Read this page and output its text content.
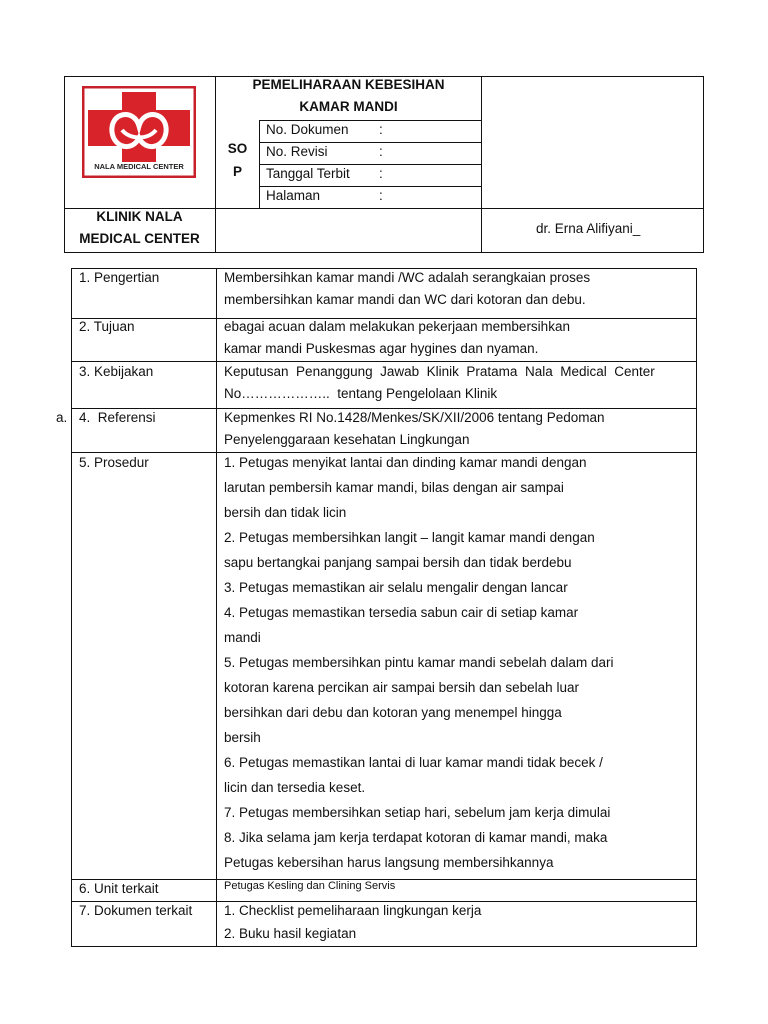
NALA MEDICAL CENTER
PEMELIHARAAN KEBESIHAN
KAMAR MANDI
SO
P
No. Dokumen :
No. Revisi	:
Tanggal Terbit :
Halaman	:
KLINIK NALA
MEDICAL CENTER
dr. Erna Alifiyani_
1. Pengertian	Membersihkan kamar mandi /WC adalah serangkaian proses
membersihkan kamar mandi dan WC dari kotoran dan debu.
2. Tujuan	ebagai acuan dalam melakukan pekerjaan membersihkan
kamar mandi Puskesmas agar hygines dan nyaman.
3. Kebijakan	Keputusan  Penanggung  Jawab  Klinik  Pratama  Nala  Medical  Center
No………………..  tentang Pengelolaan Klinik
a. 4.  Referensi	Kepmenkes RI No.1428/Menkes/SK/XII/2006 tentang Pedoman
Penyelenggaraan kesehatan Lingkungan
5. Prosedur	1. Petugas menyikat lantai dan dinding kamar mandi dengan
larutan pembersih kamar mandi, bilas dengan air sampai
bersih dan tidak licin
2. Petugas membersihkan langit – langit kamar mandi dengan
sapu bertangkai panjang sampai bersih dan tidak berdebu
3. Petugas memastikan air selalu mengalir dengan lancar
4. Petugas memastikan tersedia sabun cair di setiap kamar
mandi
5. Petugas membersihkan pintu kamar mandi sebelah dalam dari
kotoran karena percikan air sampai bersih dan sebelah luar
bersihkan dari debu dan kotoran yang menempel hingga
bersih
6. Petugas memastikan lantai di luar kamar mandi tidak becek /
licin dan tersedia keset.
7. Petugas membersihkan setiap hari, sebelum jam kerja dimulai
8. Jika selama jam kerja terdapat kotoran di kamar mandi, maka
Petugas kebersihan harus langsung membersihkannya
6. Unit terkait	Petugas Kesling dan Clining Servis
7. Dokumen terkait 1. Checklist pemeliharaan lingkungan kerja
2. Buku hasil kegiatan
